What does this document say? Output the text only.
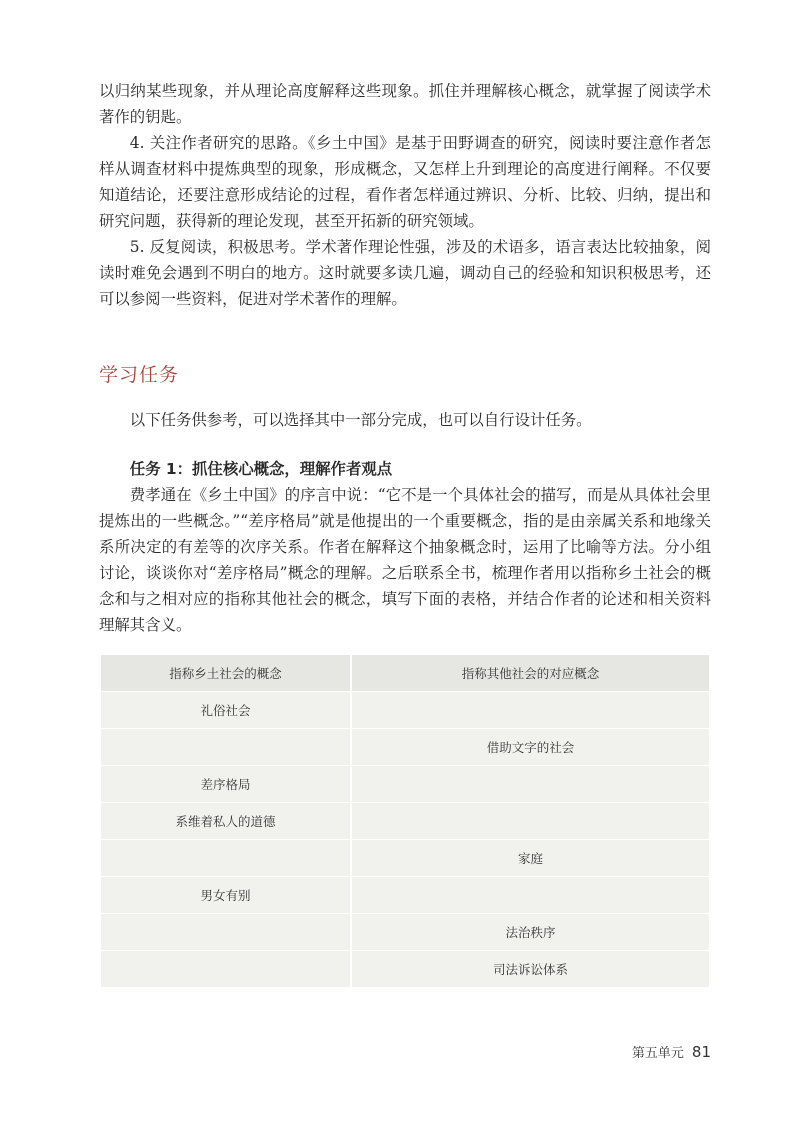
以归纳某些现象，并从理论高度解释这些现象。抓住并理解核心概念，就掌握了阅读学术著作的钥匙。

4. 关注作者研究的思路。《乡土中国》是基于田野调查的研究，阅读时要注意作者怎样从调查材料中提炼典型的现象，形成概念，又怎样上升到理论的高度进行阐释。不仅要知道结论，还要注意形成结论的过程，看作者怎样通过辨识、分析、比较、归纳，提出和研究问题，获得新的理论发现，甚至开拓新的研究领域。

5. 反复阅读，积极思考。学术著作理论性强，涉及的术语多，语言表达比较抽象，阅读时难免会遇到不明白的地方。这时就要多读几遍，调动自己的经验和知识积极思考，还可以参阅一些资料，促进对学术著作的理解。

学习任务

以下任务供参考，可以选择其中一部分完成，也可以自行设计任务。

任务 1：抓住核心概念，理解作者观点

费孝通在《乡土中国》的序言中说：“它不是一个具体社会的描写，而是从具体社会里提炼出的一些概念。”“差序格局”就是他提出的一个重要概念，指的是由亲属关系和地缘关系所决定的有差等的次序关系。作者在解释这个抽象概念时，运用了比喻等方法。分小组讨论，谈谈你对“差序格局”概念的理解。之后联系全书，梳理作者用以指称乡土社会的概念和与之相对应的指称其他社会的概念，填写下面的表格，并结合作者的论述和相关资料理解其含义。

指称乡土社会的概念	指称其他社会的对应概念
礼俗社会	
	借助文字的社会
差序格局	
系维着私人的道德	
	家庭
男女有别	
	法治秩序
	司法诉讼体系
第五单元 81
